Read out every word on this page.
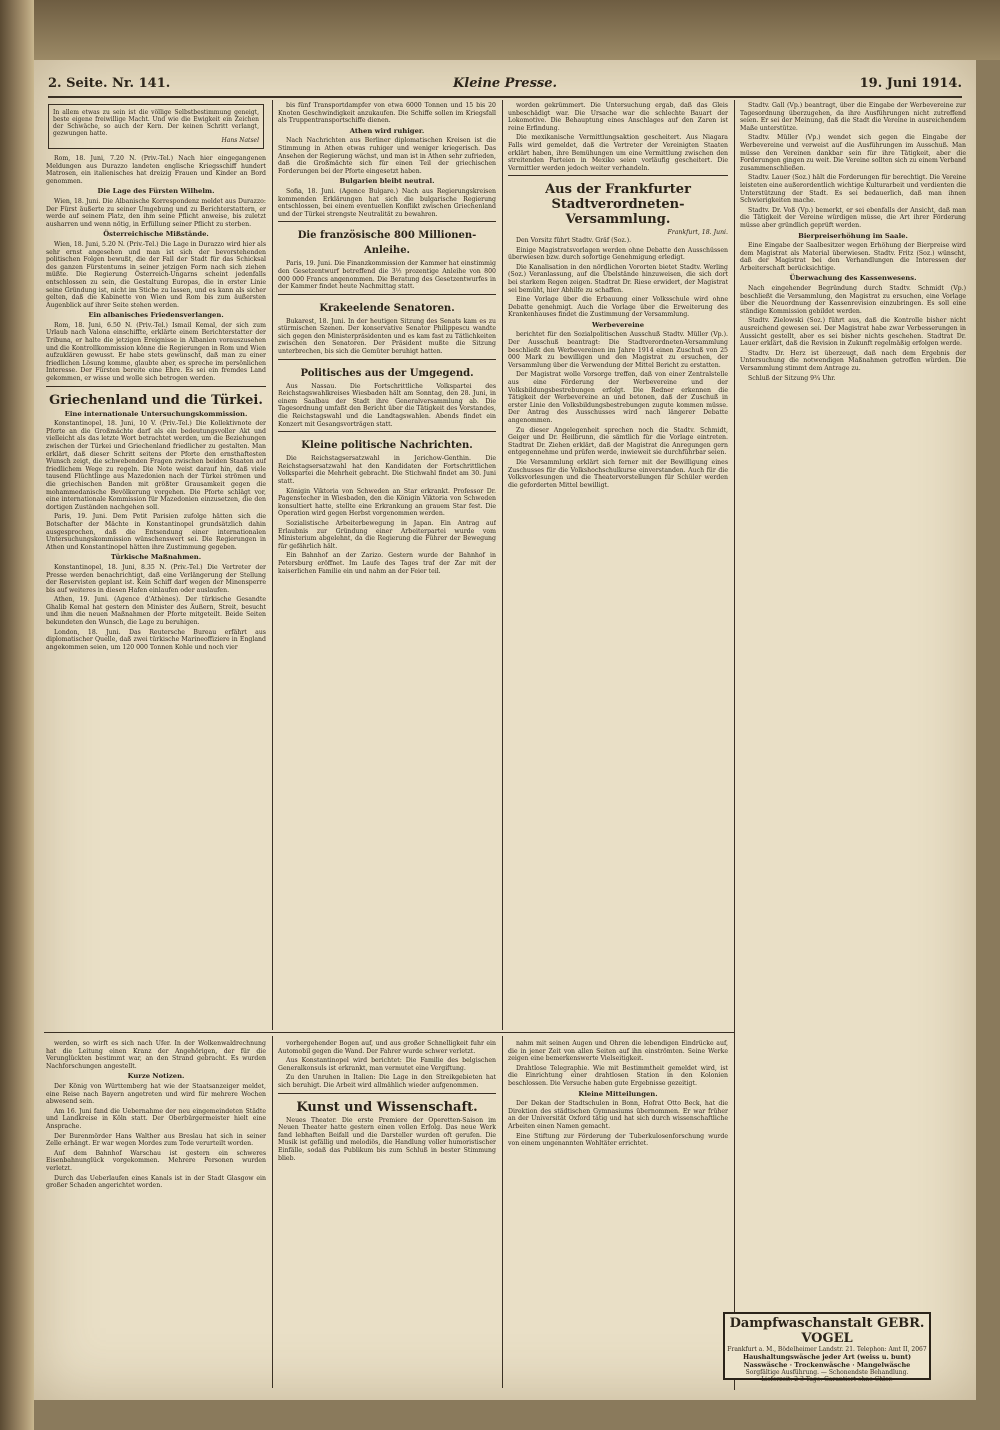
2. Seite. Nr. 141.	Kleine Presse.	19. Juni 1914.
In allem etwas zu sein ist die völlige Selbstbestimmung geneigt, beste eigene freiwillige Macht. Und wie die Ewigkeit ein Zeichen der Schwäche, so auch der Kern. Der keinen Schritt verlangt, gezwungen hatte.
Hans Natsel

Rom, 18. Juni, 7.20 N. (Priv.-Tel.) Nach hier eingegangenen Meldungen aus Durazzo landeten englische Kriegsschiff hundert Matrosen, ein italienisches hat dreizig Frauen und Kinder an Bord genommen.

Die Lage des Fürsten Wilhelm.

Wien, 18. Juni. Die Albanische Korrespondenz meldet aus Durazzo: Der Fürst äußerte zu seiner Umgebung und zu Berichterstattern, er werde auf seinem Platz, den ihm seine Pflicht anweise, bis zuletzt ausharren und wenn nötig, in Erfüllung seiner Pflicht zu sterben.

Österreichische Mißstände.

Wien, 18. Juni, 5.20 N. (Priv.-Tel.) Die Lage in Durazzo wird hier als sehr ernst angesehen und man ist sich der bevorstehenden politischen Folgen bewußt, die der Fall der Stadt für das Schicksal des ganzen Fürstentums in seiner jetzigen Form nach sich ziehen müßte. Die Regierung Österreich-Ungarns scheint jedenfalls entschlossen zu sein, die Gestaltung Europas, die in erster Linie seine Gründung ist, nicht im Stiche zu lassen, und es kann als sicher gelten, daß die Kabinette von Wien und Rom bis zum äußersten Augenblick auf ihrer Seite stehen werden.

Ein albanisches Friedensverlangen.

Rom, 18. Juni, 6.50 N. (Priv.-Tel.) Ismail Kemal, der sich zum Urlaub nach Valona einschiffte, erklärte einem Berichterstatter der Tribuna, er halte die jetzigen Ereignisse in Albanien vorauszusehen und die Kontrollkommission könne die Regierungen in Rom und Wien aufzuklären gewusst. Er habe stets gewünscht, daß man zu einer friedlichen Lösung komme, glaubte aber, es spreche im persönlichen Interesse. Der Fürsten bereite eine Ehre. Es sei ein fremdes Land gekommen, er wisse und wolle sich betrogen werden.

Griechenland und die Türkei.
Eine internationale Untersuchungskommission.

Konstantinopel, 18. Juni, 10 V. (Priv.-Tel.) Die Kollektivnote der Pforte an die Großmächte darf als ein bedeutungsvoller Akt und vielleicht als das letzte Wort betrachtet werden, um die Beziehungen zwischen der Türkei und Griechenland friedlicher zu gestalten. Man erklärt, daß dieser Schritt seitens der Pforte den ernsthaftesten Wunsch zeigt, die schwebenden Fragen zwischen beiden Staaten auf friedlichem Wege zu regeln. Die Note weist darauf hin, daß viele tausend Flüchtlinge aus Mazedonien nach der Türkei strömen und die griechischen Banden mit größter Grausamkeit gegen die mohammedanische Bevölkerung vorgehen. Die Pforte schlägt vor, eine internationale Kommission für Mazedonien einzusetzen, die den dortigen Zuständen nachgehen soll.

Paris, 19. Juni. Dem Petit Parisien zufolge hätten sich die Botschafter der Mächte in Konstantinopel grundsätzlich dahin ausgesprochen, daß die Entsendung einer internationalen Untersuchungskommission wünschenswert sei. Die Regierungen in Athen und Konstantinopel hätten ihre Zustimmung gegeben.

Türkische Maßnahmen.

Konstantinopel, 18. Juni, 8.35 N. (Priv.-Tel.) Die Vertreter der Presse werden benachrichtigt, daß eine Verlängerung der Stellung der Reservisten geplant ist. Kein Schiff darf wegen der Minensperre bis auf weiteres in diesen Hafen einlaufen oder auslaufen.

Athen, 19. Juni. (Agence d'Athènes). Der türkische Gesandte Ghalib Kemal hat gestern den Minister des Äußern, Streit, besucht und ihm die neuen Maßnahmen der Pforte mitgeteilt. Beide Seiten bekundeten den Wunsch, die Lage zu beruhigen.

London, 18. Juni. Das Reutersche Bureau erfährt aus diplomatischer Quelle, daß zwei türkische Marineoffiziere in England angekommen seien, um 120 000 Tonnen Kohle und noch vier

bis fünf Transportdampfer von etwa 6000 Tonnen und 15 bis 20 Knoten Geschwindigkeit anzukaufen. Die Schiffe sollen im Kriegsfall als Truppentransportschiffe dienen.

Athen wird ruhiger.

Nach Nachrichten aus Berliner diplomatischen Kreisen ist die Stimmung in Athen etwas ruhiger und weniger kriegerisch. Das Ansehen der Regierung wächst, und man ist in Athen sehr zufrieden, daß die Großmächte sich für einen Teil der griechischen Forderungen bei der Pforte eingesetzt haben.

Bulgarien bleibt neutral.

Sofia, 18. Juni. (Agence Bulgare.) Nach aus Regierungskreisen kommenden Erklärungen hat sich die bulgarische Regierung entschlossen, bei einem eventuellen Konflikt zwischen Griechenland und der Türkei strengste Neutralität zu bewahren.

Die französische 800 Millionen-Anleihe.

Paris, 19. Juni. Die Finanzkommission der Kammer hat einstimmig den Gesetzentwurf betreffend die 3½ prozentige Anleihe von 800 000 000 Francs angenommen. Die Beratung des Gesetzentwurfes in der Kammer findet heute Nachmittag statt.

Krakeelende Senatoren.

Bukarest, 18. Juni. In der heutigen Sitzung des Senats kam es zu stürmischen Szenen. Der konservative Senator Philippescu wandte sich gegen den Ministerpräsidenten und es kam fast zu Tätlichkeiten zwischen den Senatoren. Der Präsident mußte die Sitzung unterbrechen, bis sich die Gemüter beruhigt hatten.

Politisches aus der Umgegend.

Aus Nassau. Die Fortschrittliche Volkspartei des Reichstagswahlkreises Wiesbaden hält am Sonntag, den 28. Juni, in einem Saalbau der Stadt ihre Generalversammlung ab. Die Tagesordnung umfaßt den Bericht über die Tätigkeit des Vorstandes, die Reichstagswahl und die Landtagswahlen. Abends findet ein Konzert mit Gesangsvorträgen statt.

Kleine politische Nachrichten.

Die Reichstagsersatzwahl in Jerichow-Genthin. Die Reichstagsersatzwahl hat den Kandidaten der Fortschrittlichen Volkspartei die Mehrheit gebracht. Die Stichwahl findet am 30. Juni statt.

Königin Viktoria von Schweden an Star erkrankt. Professor Dr. Pagenstecher in Wiesbaden, den die Königin Viktoria von Schweden konsultiert hatte, stellte eine Erkrankung an grauem Star fest. Die Operation wird gegen Herbst vorgenommen werden.

Sozialistische Arbeiterbewegung in Japan. Ein Antrag auf Erlaubnis zur Gründung einer Arbeiterpartei wurde vom Ministerium abgelehnt, da die Regierung die Führer der Bewegung für gefährlich hält.

Ein Bahnhof an der Zarizo. Gestern wurde der Bahnhof in Petersburg eröffnet. Im Laufe des Tages traf der Zar mit der kaiserlichen Familie ein und nahm an der Feier teil.

worden gekrümmert. Die Untersuchung ergab, daß das Gleis unbeschädigt war. Die Ursache war die schlechte Bauart der Lokomotive. Die Behauptung eines Anschlages auf den Zaren ist reine Erfindung.

Die mexikanische Vermittlungsaktion gescheitert. Aus Niagara Falls wird gemeldet, daß die Vertreter der Vereinigten Staaten erklärt haben, ihre Bemühungen um eine Vermittlung zwischen den streitenden Parteien in Mexiko seien vorläufig gescheitert. Die Vermittler werden jedoch weiter verhandeln.

Aus der Frankfurter Stadtverordneten-Versammlung.
Frankfurt, 18. Juni.

Den Vorsitz führt Stadtv. Gräf (Soz.).

Einige Magistratsvorlagen werden ohne Debatte den Ausschüssen überwiesen bzw. durch sofortige Genehmigung erledigt.

Die Kanalisation in den nördlichen Vororten bietet Stadtv. Werling (Soz.) Veranlassung, auf die Übelstände hinzuweisen, die sich dort bei starkem Regen zeigen. Stadtrat Dr. Riese erwidert, der Magistrat sei bemüht, hier Abhilfe zu schaffen.

Eine Vorlage über die Erbauung einer Volksschule wird ohne Debatte genehmigt. Auch die Vorlage über die Erweiterung des Krankenhauses findet die Zustimmung der Versammlung.

Werbevereine

berichtet für den Sozialpolitischen Ausschuß Stadtv. Müller (Vp.). Der Ausschuß beantragt: Die Stadtverordneten-Versammlung beschließt den Werbevereinen im Jahre 1914 einen Zuschuß von 25 000 Mark zu bewilligen und den Magistrat zu ersuchen, der Versammlung über die Verwendung der Mittel Bericht zu erstatten.

Der Magistrat wolle Vorsorge treffen, daß von einer Zentralstelle aus eine Förderung der Werbevereine und der Volksbildungsbestrebungen erfolgt. Die Redner erkennen die Tätigkeit der Werbevereine an und betonen, daß der Zuschuß in erster Linie den Volksbildungsbestrebungen zugute kommen müsse. Der Antrag des Ausschusses wird nach längerer Debatte angenommen.

Zu dieser Angelegenheit sprechen noch die Stadtv. Schmidt, Geiger und Dr. Heilbrunn, die sämtlich für die Vorlage eintreten. Stadtrat Dr. Ziehen erklärt, daß der Magistrat die Anregungen gern entgegennehme und prüfen werde, inwieweit sie durchführbar seien.

Die Versammlung erklärt sich ferner mit der Bewilligung eines Zuschusses für die Volkshochschulkurse einverstanden. Auch für die Volksvorlesungen und die Theatervorstellungen für Schüler werden die geforderten Mittel bewilligt.

Stadtv. Gall (Vp.) beantragt, über die Eingabe der Werbevereine zur Tagesordnung überzugehen, da ihre Ausführungen nicht zutreffend seien. Er sei der Meinung, daß die Stadt die Vereine in ausreichendem Maße unterstütze.

Stadtv. Müller (Vp.) wendet sich gegen die Eingabe der Werbevereine und verweist auf die Ausführungen im Ausschuß. Man müsse den Vereinen dankbar sein für ihre Tätigkeit, aber die Forderungen gingen zu weit. Die Vereine sollten sich zu einem Verband zusammenschließen.

Stadtv. Lauer (Soz.) hält die Forderungen für berechtigt. Die Vereine leisteten eine außerordentlich wichtige Kulturarbeit und verdienten die Unterstützung der Stadt. Es sei bedauerlich, daß man ihnen Schwierigkeiten mache.

Stadtv. Dr. Voß (Vp.) bemerkt, er sei ebenfalls der Ansicht, daß man die Tätigkeit der Vereine würdigen müsse, die Art ihrer Förderung müsse aber gründlich geprüft werden.

Bierpreiserhöhung im Saale.

Eine Eingabe der Saalbesitzer wegen Erhöhung der Bierpreise wird dem Magistrat als Material überwiesen. Stadtv. Fritz (Soz.) wünscht, daß der Magistrat bei den Verhandlungen die Interessen der Arbeiterschaft berücksichtige.

Überwachung des Kassenwesens.

Nach eingehender Begründung durch Stadtv. Schmidt (Vp.) beschließt die Versammlung, den Magistrat zu ersuchen, eine Vorlage über die Neuordnung der Kassenrevision einzubringen. Es soll eine ständige Kommission gebildet werden.

Stadtv. Zielowski (Soz.) führt aus, daß die Kontrolle bisher nicht ausreichend gewesen sei. Der Magistrat habe zwar Verbesserungen in Aussicht gestellt, aber es sei bisher nichts geschehen. Stadtrat Dr. Lauer erklärt, daß die Revision in Zukunft regelmäßig erfolgen werde.

Stadtv. Dr. Herz ist überzeugt, daß nach dem Ergebnis der Untersuchung die notwendigen Maßnahmen getroffen würden. Die Versammlung stimmt dem Antrage zu.

Schluß der Sitzung 9¾ Uhr.

werden, so wirft es sich nach Ufer. In der Wolkenwaldrechnung hat die Leitung einen Kranz der Angehörigen, der für die Verunglückten bestimmt war, an den Strand gebracht. Es wurden Nachforschungen angestellt.

Kurze Notizen.

Der König von Württemberg hat wie der Staatsanzeiger meldet, eine Reise nach Bayern angetreten und wird für mehrere Wochen abwesend sein.

Am 16. Juni fand die Uebernahme der neu eingemeindeten Städte und Landkreise in Köln statt. Der Oberbürgermeister hielt eine Ansprache.

Der Burenmörder Hans Walther aus Breslau hat sich in seiner Zelle erhängt. Er war wegen Mordes zum Tode verurteilt worden.

Auf dem Bahnhof Warschau ist gestern ein schweres Eisenbahnunglück vorgekommen. Mehrere Personen wurden verletzt.

Durch das Ueberlaufen eines Kanals ist in der Stadt Glasgow ein großer Schaden angerichtet worden.

vorhergehender Bogen auf, und aus großer Schnelligkeit fuhr ein Automobil gegen die Wand. Der Fahrer wurde schwer verletzt.

Aus Konstantinopel wird berichtet: Die Familie des belgischen Generalkonsuls ist erkrankt, man vermutet eine Vergiftung.

Zu den Unruhen in Italien: Die Lage in den Streikgebieten hat sich beruhigt. Die Arbeit wird allmählich wieder aufgenommen.

Kunst und Wissenschaft.

Neues Theater. Die erste Premiere der Operetten-Saison im Neuen Theater hatte gestern einen vollen Erfolg. Das neue Werk fand lebhaften Beifall und die Darsteller wurden oft gerufen. Die Musik ist gefällig und melodiös, die Handlung voller humoristischer Einfälle, sodaß das Publikum bis zum Schluß in bester Stimmung blieb.

nahm mit seinen Augen und Ohren die lebendigen Eindrücke auf, die in jener Zeit von allen Seiten auf ihn einströmten. Seine Werke zeigen eine bemerkenswerte Vielseitigkeit.

Drahtlose Telegraphie. Wie mit Bestimmtheit gemeldet wird, ist die Einrichtung einer drahtlosen Station in den Kolonien beschlossen. Die Versuche haben gute Ergebnisse gezeitigt.

Kleine Mitteilungen.

Der Dekan der Stadtschulen in Bonn, Hofrat Otto Beck, hat die Direktion des städtischen Gymnasiums übernommen. Er war früher an der Universität Oxford tätig und hat sich durch wissenschaftliche Arbeiten einen Namen gemacht.

Eine Stiftung zur Förderung der Tuberkulosenforschung wurde von einem ungenannten Wohltäter errichtet.

Dampfwaschanstalt GEBR. VOGEL
Frankfurt a. M., Bödelheimer Landstr. 21. Telephon: Amt II, 2067
Haushaltungswäsche jeder Art (weiss u. bunt)
Nasswäsche · Trockenwäsche · Mangelwäsche
Sorgfältige Ausführung. — Schonendste Behandlung.
Lieferzeit: 2-3 Tage. Garantiert ohne Chlor.
